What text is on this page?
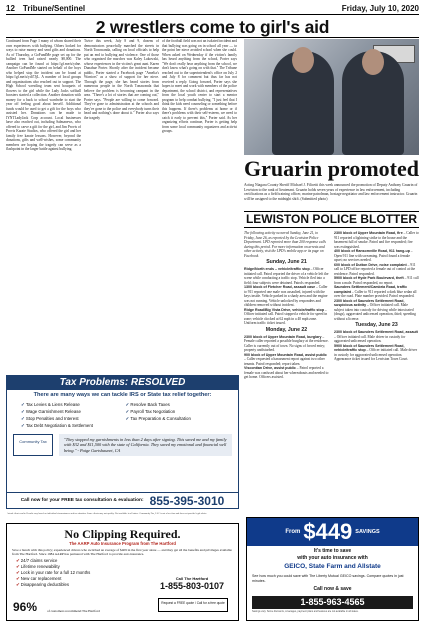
12	Tribune/Sentinel	Friday, July 10, 2020
2 wrestlers come to girl's aid
Continued from Page 1 many of whom shared their own experiences with bullying. Others looked for ways to raise money and send gifts and donations. As of Thursday, a GoFundMe page set up for the bullied teen had raised nearly $8,000. The campaign can be found at https://gf.me/u/ydne. Another GoFundMe started on behalf of the boys who helped stop the incident can be found at https://gf.me/u/ydi7JjL. A number of local groups and organizations also reached out in support. The High School wrestling team sent bouquets of flowers to the girl while the Lady Jacks softball boosters started a collection. Another donation with money for a back to school wardrobe to start the year off feeling good about herself. Additional funds would be used to get a gift for the boys who assisted her. Donations can be made to IYNTLadyJack Corp account. Local businesses have also reached out, including Salmanews, who offered to carve a gift for the girl, and Jim Provis of Provis Karate Studios, who offered the girl and her family free karate lessons. However, beyond the donations, gifts and well-wishes, some community members are hoping the tragedy can serve as a flashpoint in the larger battle against bullying.
Twice this week, July 8 and 9, dozens of demonstrators peacefully marched the streets in North Tonawanda, calling on local officials to help put an end to bullying and violence. One of those who organized the marches was Kaley Lukowski, whose experiences in the victim's great aunt. Karen Dunahue Porter. Shortly after the incident became public, Porter started a Facebook page "Amelia's Warriors" as a show of support for her niece. Through the page, she has heard stories from numerous people in the North Tonawanda that believe the problem is becoming rampant in the area. "There's a lot of stories that are coming out," Porter says. "People are willing to come forward. They've gone to administration at the schools and they've gone to the police and everybody turns their head and nothing's done about it." Porter also says the tragedy
of the football field was not an isolated incident and that bullying was going on in school all year — to the point her niece avoided school when she could. When asked on Wednesday if the victim's family has heard anything from the school, Porter says "We don't really hear anything from the school, we don't know what's going on with that." The Tribune reached out to the superintendent's office on July 2 and July 8 for comment but thus far has not received a reply. Going forward, Porter says she hopes to meet and work with members of the police department, the school district, and representatives from the local youth center to start a mentor program to help combat bullying. "I just feel that I think the kids need counseling or something before this happens. If there's problems at home or if there's problems with their self-esteem, we need to catch it early to prevent this," Porter said. As her organizing efforts continue, Porter is getting help from some local community organizers and activist groups.
Gruarin promoted
Acting Niagara County Sheriff Michael J. Filicetti this week announced the promotion of Deputy Anthony Gruarin of Lewiston to the rank of lieutenant. Gruarin holds seven years of experience in law enforcement, including certifications as a field training officer, marine patrolman, hostage negotiator and law enforcement instructor. Gruarin will be assigned to the midnight shift. (Submitted photo)
LEWISTON POLICE BLOTTER
The following activity occurred Sunday, June 21, to Friday, June 26, as reported by the Lewiston Police Department. LPD reported more than 200 response calls during this period. For more information on arrests and other activity, visit the LPD's mobile app or its page on Facebook.
Sunday, June 21
Ridge/North ends – vehicle/traffic stop – Officer initiated call. Patrol reported the driver of a vehicle left the scene while conducting a traffic stop. Vehicle fled into a field; four subjects were detained. Patrols responded.
1300 block of Fletcher Road, assault case – Caller to 911 reported one male was assaulted, injured with the keys inside. Vehicle parked in a shady area and the engine was not running. Vehicle unlocked by responders and children removed without incident.
Ridge Road/Big Vista Drive, vehicle/traffic stop – Officer initiated call. Patrol stopped a vehicle for speed in zone; vehicle clocked at 62 mph in a 40 mph zone. Uniform traffic ticket issued.
Monday, June 22
2300 block of Upper Mountain Road, burglary – Female caller reported a possible burglary at the residence. Caller is currently out of town. No signs of forced entry; property undisturbed.
900 block of Upper Mountain Road, assist public – Caller requested a harassment report against two other tenants. Patrol responded; report taken.
Viscontian Drive, assist public – Patrol reported a female was confused about her whereabouts and needed to get home. Officers assisted.
2300 block of Upper Mountain Road, fire – Caller to 911 reported a lightning strike to the house and the basement full of smoke. Patrol and fire responded; fire was extinguished.
400 block of Ransomville Road, 911 hang-up – Open 911 line with screaming. Patrol found a female upset; no services needed.
600 block of Dutton Drive, noise complaint – 911 call to LPD office reported a female out of control at the residence. Patrol responded.
5900 block of Hyde Park Boulevard, theft – 911 call from a male. Patrol responded, no report.
Saunders Settlement/Cambria Road, traffic complaint – Caller to 911 reported a dark blue sedan all over the road. Plate number provided. Patrol responded.
2300 block of Saunders Settlement Road, suspicious activity – Officer initiated call. Male subject taken into custody for driving while intoxicated (drugs), aggravated unlicensed operation, third; speeding without a license.
Tuesday, June 23
2300 block of Saunders Settlement Road, assault – Officer initiated call. Male driver in custody for aggravated unlicensed operation.
5900 block of Saunders Settlement Road, vehicle/traffic stop – Officer initiated call. Male driver in custody for aggravated unlicensed operation. Appearance ticket issued for Lewiston Town Court.
Tax Problems: RESOLVED
There are many ways we can tackle IRS or State tax relief together:
✓ Tax Levies & Liens Release	✓ Resolve Back Taxes
✓ Wage Garnishment Release	✓ Payroll Tax Negotiation
✓ Stop Penalties and Interest	✓ Tax Preparation & Consultation
✓ Tax Debt Negotiation & Settlement
Community Tax	"They stopped my garnishments in less than 2 days after signing. This saved me and my family with $32 and $11,500 with the state of California. They saved my emotional and financial well being." - Paige Gartshaunet, CA
Call now for your FREE tax consultation & evaluation: 855-395-3010
Actual client results. Results vary based on individual circumstances and tax situation. Some clients may not qualify. Not available in all states. Community Tax, LLC is not a law firm and does not provide legal advice.
No Clipping Required.
The AARP Auto Insurance Program from The Hartford
Save a bunch with this policy; experienced drivers who switched an average of $409 in the first year alone — and they get all the benefits and privileges available from The Hartford. Since 1984 AARP has partnered with The Hartford to provide auto insurance.
✔ 24/7 claims service
✔ Lifetime renewability
✔ Lock in your rate for a full 12 months
✔ New car replacement
✔ Disappearing deductibles
96%	of customers recommend The Hartford
Call The Hartford
1-855-803-0107
Request a FREE quote / Call for a free quote
From $449 SAVINGS
It's time to save
with your auto insurance with
GEICO, State Farm and Allstate
See how much you could save with The Liberty Mutual GEICO savings. Compare quotes in just minutes.
Call now & save
1-855-963-4565
Savings vary. Some discounts, coverages, payment plans and features are not available in all states.
